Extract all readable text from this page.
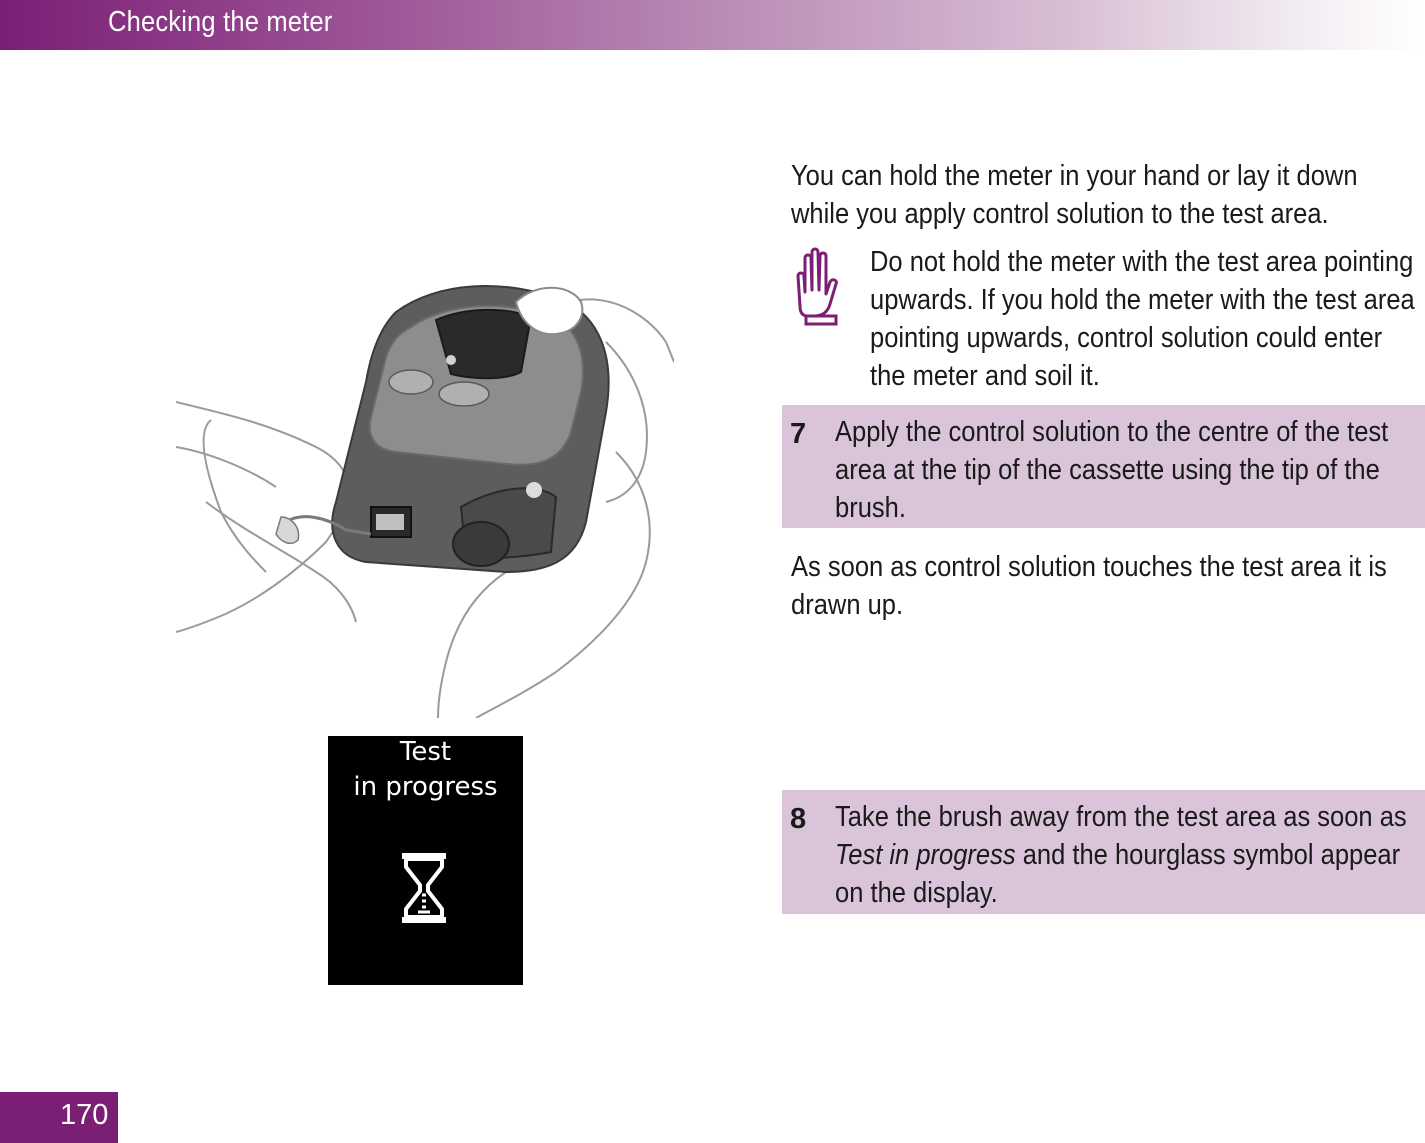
Checking the meter
Test
in progress
You can hold the meter in your hand or lay it down
while you apply control solution to the test area.
Do not hold the meter with the test area pointing
upwards. If you hold the meter with the test area
pointing upwards, control solution could enter
the meter and soil it.
7 Apply the control solution to the centre of the test
area at the tip of the cassette using the tip of the
brush.
As soon as control solution touches the test area it is
drawn up.
8 Take the brush away from the test area as soon as
Test in progress and the hourglass symbol appear
on the display.
170
